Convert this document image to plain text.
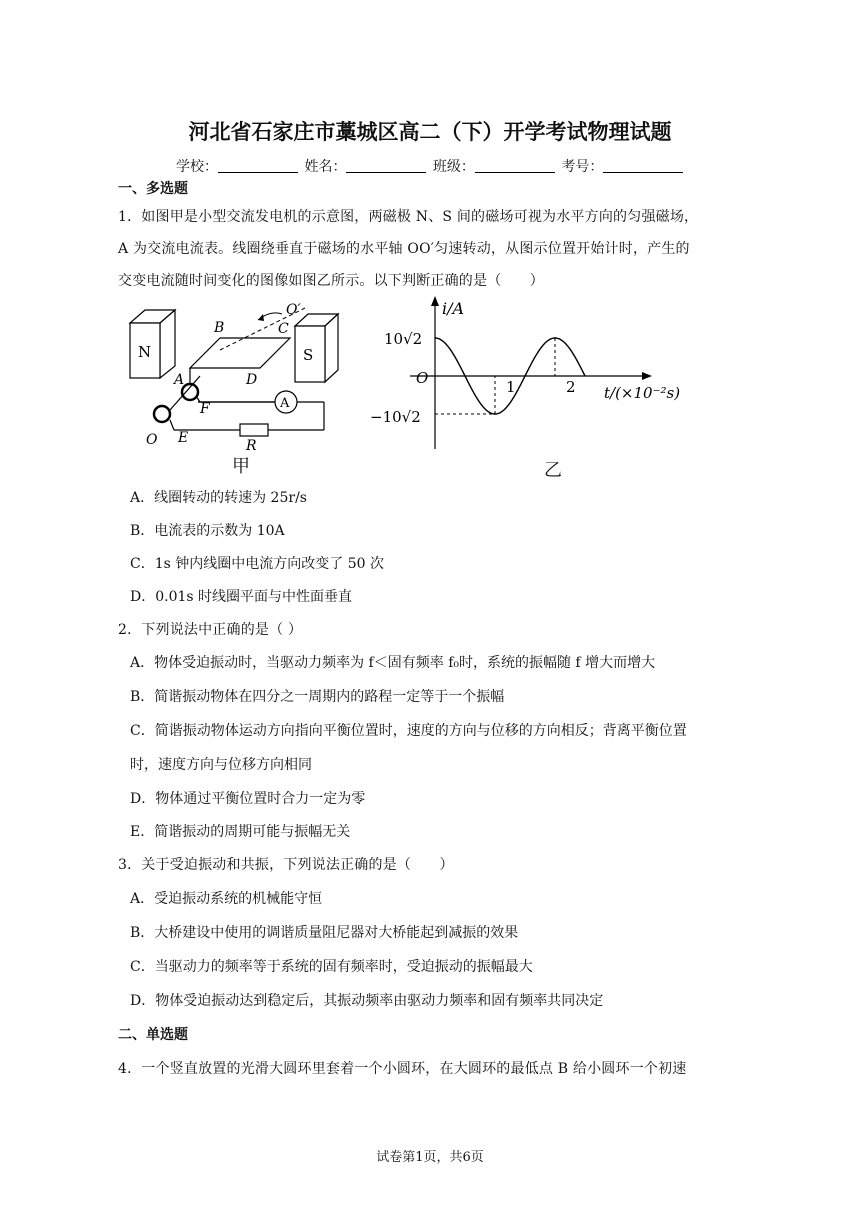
河北省石家庄市藁城区高二（下）开学考试物理试题
学校：	姓名：	班级：	考号：
一、多选题
1．如图甲是小型交流发电机的示意图，两磁极 N、S 间的磁场可视为水平方向的匀强磁场，
A 为交流电流表。线圈绕垂直于磁场的水平轴 OO′匀速转动，从图示位置开始计时，产生的
交变电流随时间变化的图像如图乙所示。以下判断正确的是（　　）
N	S
A
B	C
O′
D
A
F
E
O	R
甲
i/A
t/(×10⁻²s)
O
10√2
−10√2
1	2
乙
A．线圈转动的转速为 25r/s
B．电流表的示数为 10A
C．1s 钟内线圈中电流方向改变了 50 次
D．0.01s 时线圈平面与中性面垂直
2．下列说法中正确的是（ ）
A．物体受迫振动时，当驱动力频率为 f＜固有频率 f₀时，系统的振幅随 f 增大而增大
B．简谐振动物体在四分之一周期内的路程一定等于一个振幅
C．简谐振动物体运动方向指向平衡位置时，速度的方向与位移的方向相反；背离平衡位置
时，速度方向与位移方向相同
D．物体通过平衡位置时合力一定为零
E．简谐振动的周期可能与振幅无关
3．关于受迫振动和共振，下列说法正确的是（　　）
A．受迫振动系统的机械能守恒
B．大桥建设中使用的调谐质量阻尼器对大桥能起到减振的效果
C．当驱动力的频率等于系统的固有频率时，受迫振动的振幅最大
D．物体受迫振动达到稳定后，其振动频率由驱动力频率和固有频率共同决定
二、单选题
4．一个竖直放置的光滑大圆环里套着一个小圆环，在大圆环的最低点 B 给小圆环一个初速
试卷第1页，共6页
